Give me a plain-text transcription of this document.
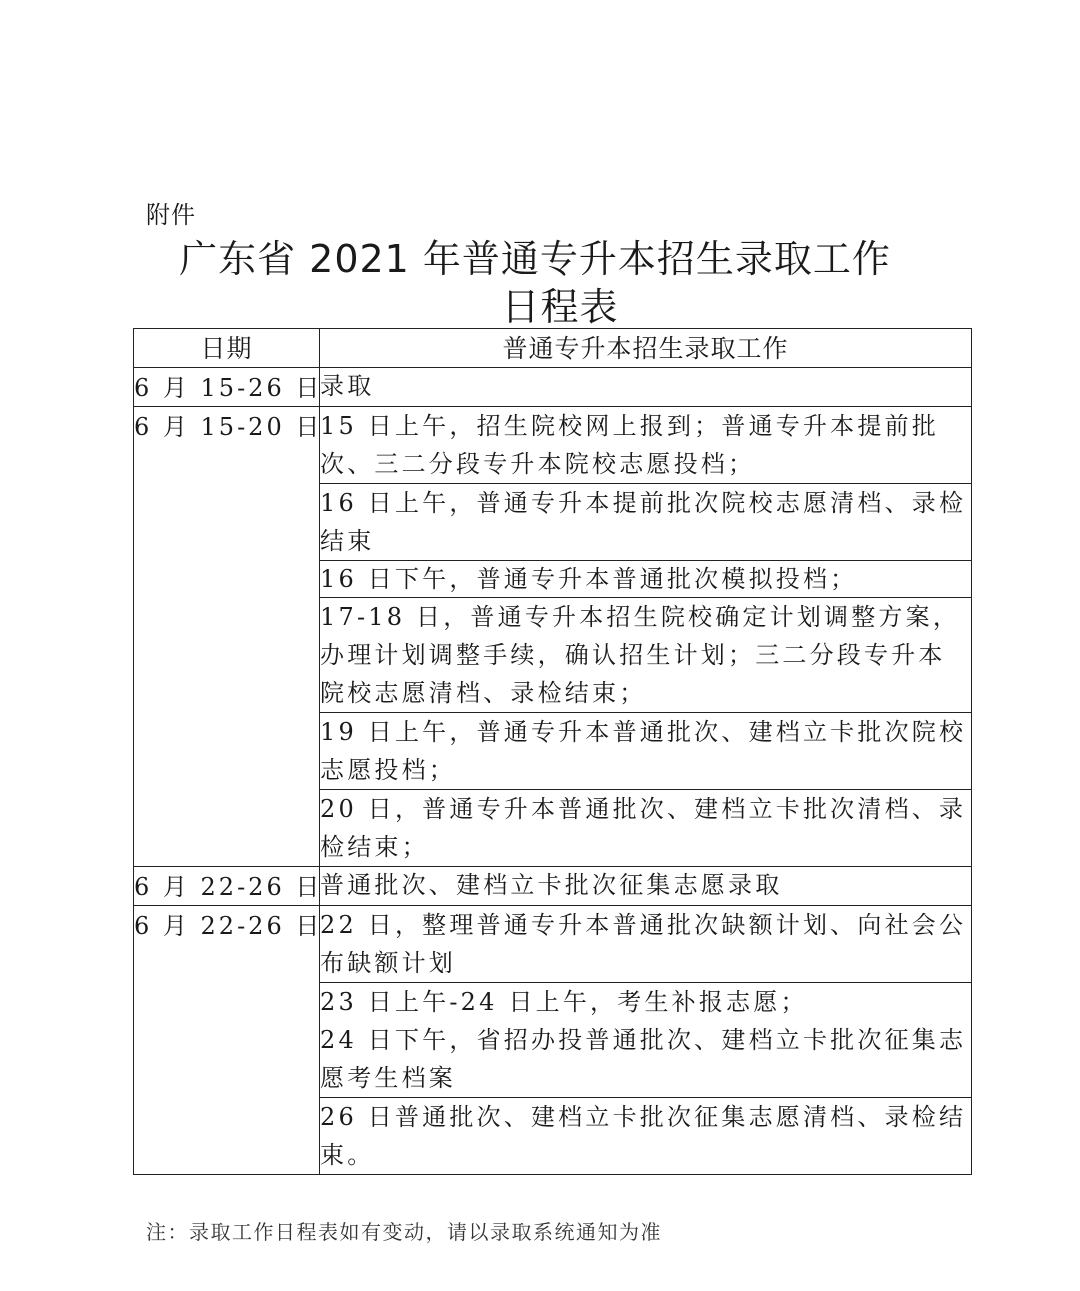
附件
广东省 2021 年普通专升本招生录取工作
日程表
日期	普通专升本招生录取工作
6 月 15-26 日	录取
6 月 15-20 日	15 日上午，招生院校网上报到；普通专升本提前批次、三二分段专升本院校志愿投档；
	16 日上午，普通专升本提前批次院校志愿清档、录检结束
	16 日下午，普通专升本普通批次模拟投档；
	17-18 日，普通专升本招生院校确定计划调整方案，办理计划调整手续，确认招生计划；三二分段专升本院校志愿清档、录检结束；
	19 日上午，普通专升本普通批次、建档立卡批次院校志愿投档；
	20 日，普通专升本普通批次、建档立卡批次清档、录检结束；
6 月 22-26 日	普通批次、建档立卡批次征集志愿录取
6 月 22-26 日	22 日，整理普通专升本普通批次缺额计划、向社会公布缺额计划
	23 日上午-24 日上午，考生补报志愿；
24 日下午，省招办投普通批次、建档立卡批次征集志愿考生档案
	26 日普通批次、建档立卡批次征集志愿清档、录检结束。
注：录取工作日程表如有变动，请以录取系统通知为准
